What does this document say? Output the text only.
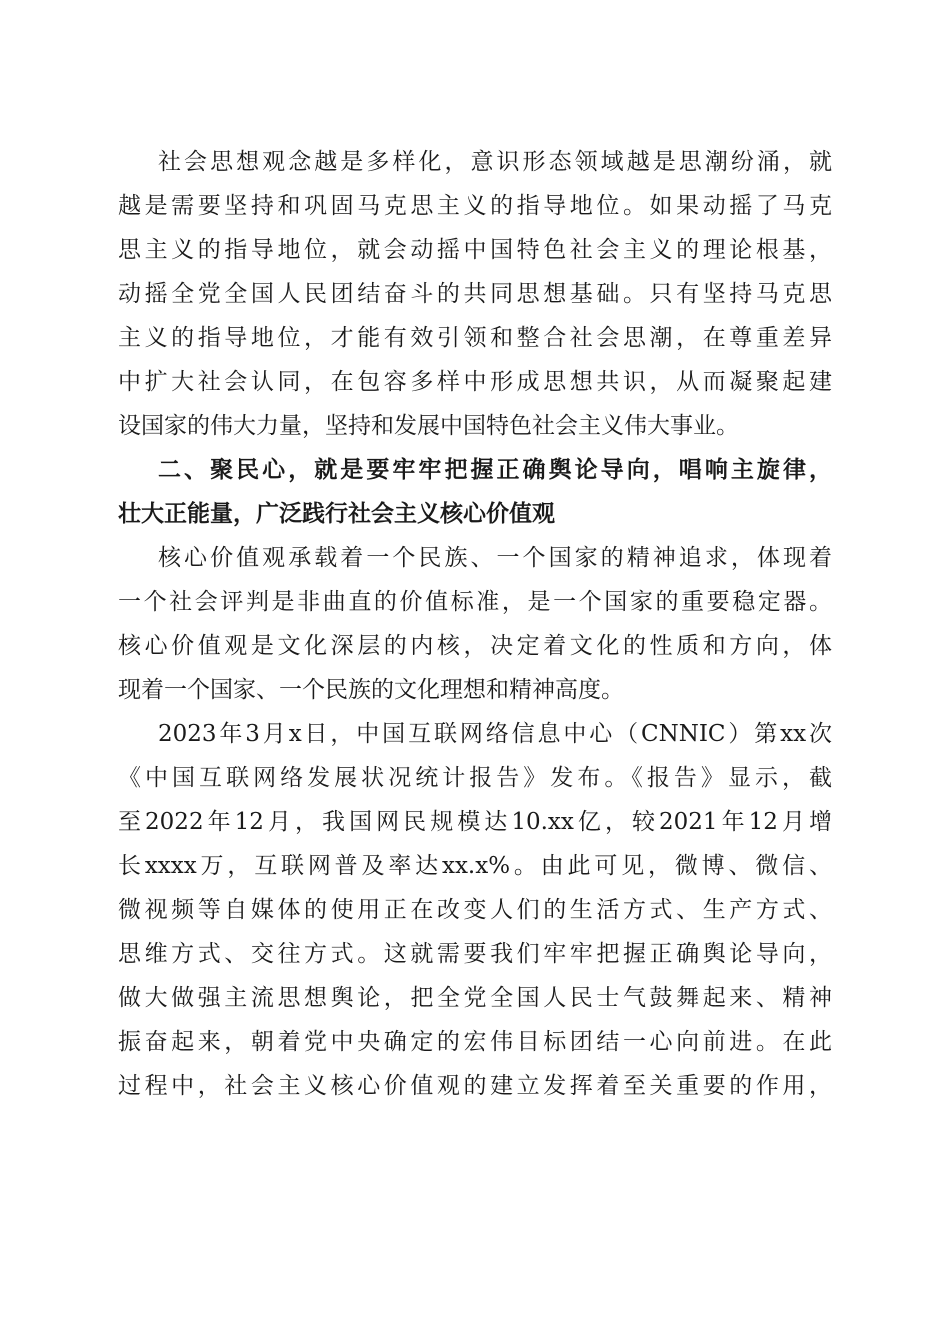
社会思想观念越是多样化，意识形态领域越是思潮纷涌，就
越是需要坚持和巩固马克思主义的指导地位。如果动摇了马克
思主义的指导地位，就会动摇中国特色社会主义的理论根基，
动摇全党全国人民团结奋斗的共同思想基础。只有坚持马克思
主义的指导地位，才能有效引领和整合社会思潮，在尊重差异
中扩大社会认同，在包容多样中形成思想共识，从而凝聚起建
设国家的伟大力量，坚持和发展中国特色社会主义伟大事业。
二、聚民心，就是要牢牢把握正确舆论导向，唱响主旋律，
壮大正能量，广泛践行社会主义核心价值观
核心价值观承载着一个民族、一个国家的精神追求，体现着
一个社会评判是非曲直的价值标准，是一个国家的重要稳定器。
核心价值观是文化深层的内核，决定着文化的性质和方向，体
现着一个国家、一个民族的文化理想和精神高度。
2023年3月x日，中国互联网络信息中心（CNNIC）第xx次
《中国互联网络发展状况统计报告》发布。《报告》显示，截
至2022年12月，我国网民规模达10.xx亿，较2021年12月增
长xxxx万，互联网普及率达xx.x%。由此可见，微博、微信、
微视频等自媒体的使用正在改变人们的生活方式、生产方式、
思维方式、交往方式。这就需要我们牢牢把握正确舆论导向，
做大做强主流思想舆论，把全党全国人民士气鼓舞起来、精神
振奋起来，朝着党中央确定的宏伟目标团结一心向前进。在此
过程中，社会主义核心价值观的建立发挥着至关重要的作用，
